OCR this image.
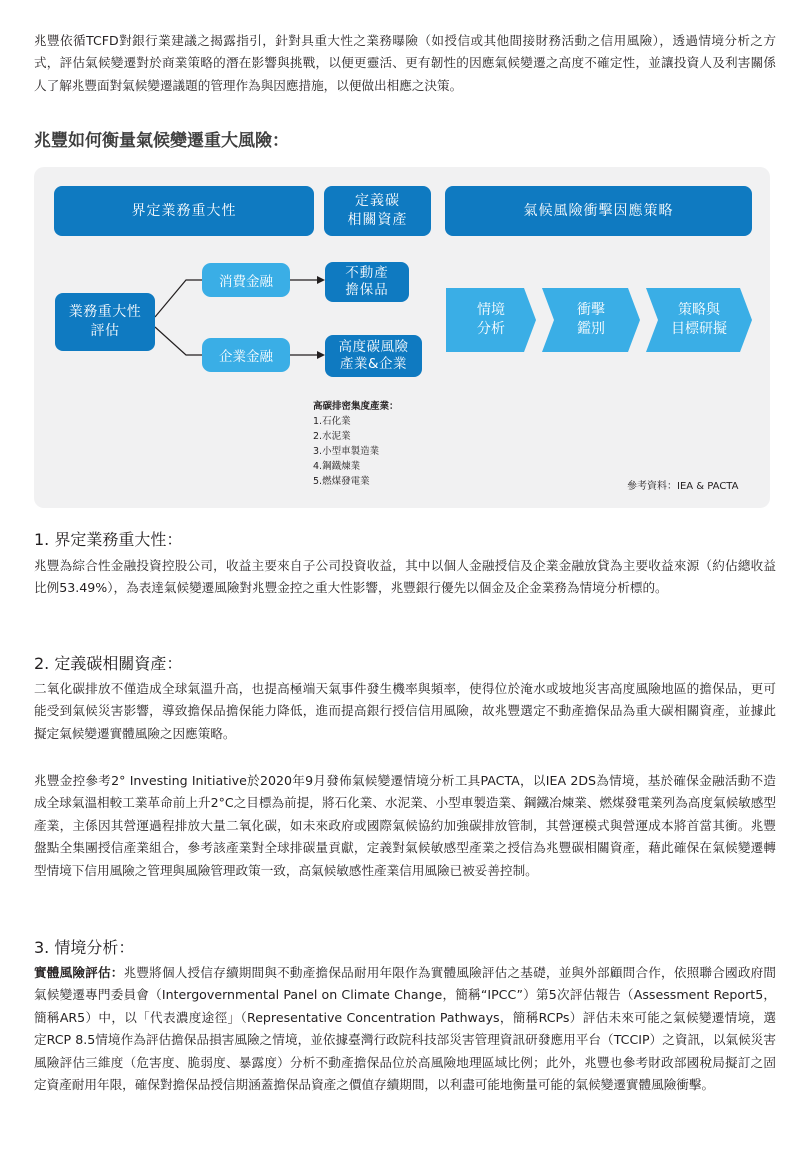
兆豐依循TCFD對銀行業建議之揭露指引，針對具重大性之業務曝險（如授信或其他間接財務活動之信用風險），透過情境分析之方式，評估氣候變遷對於商業策略的潛在影響與挑戰，以便更靈活、更有韌性的因應氣候變遷之高度不確定性，並讓投資人及利害關係人了解兆豐面對氣候變遷議題的管理作為與因應措施，以便做出相應之決策。

兆豐如何衡量氣候變遷重大風險：
界定業務重大性
定義碳
相關資產
氣候風險衝擊因應策略
業務重大性
評估
消費金融
企業金融
不動產
擔保品
高度碳風險
產業&企業
高碳排密集度產業：
1.石化業
2.水泥業
3.小型車製造業
4.鋼鐵煉業
5.燃煤發電業
情境
分析
衝擊
鑑別
策略與
目標研擬
參考資料：IEA & PACTA
1. 界定業務重大性：

兆豐為綜合性金融投資控股公司，收益主要來自子公司投資收益，其中以個人金融授信及企業金融放貸為主要收益來源（約佔總收益比例53.49%），為表達氣候變遷風險對兆豐金控之重大性影響，兆豐銀行優先以個金及企金業務為情境分析標的。

2. 定義碳相關資產：

二氧化碳排放不僅造成全球氣溫升高，也提高極端天氣事件發生機率與頻率，使得位於淹水或坡地災害高度風險地區的擔保品，更可能受到氣候災害影響，導致擔保品擔保能力降低，進而提高銀行授信信用風險，故兆豐選定不動產擔保品為重大碳相關資產，並據此擬定氣候變遷實體風險之因應策略。

兆豐金控參考2° Investing Initiative於2020年9月發佈氣候變遷情境分析工具PACTA，以IEA 2DS為情境，基於確保金融活動不造成全球氣溫相較工業革命前上升2°C之目標為前提，將石化業、水泥業、小型車製造業、鋼鐵冶煉業、燃煤發電業列為高度氣候敏感型產業，主係因其營運過程排放大量二氧化碳，如未來政府或國際氣候協約加強碳排放管制，其營運模式與營運成本將首當其衝。兆豐盤點全集團授信產業組合，參考該產業對全球排碳量貢獻，定義對氣候敏感型產業之授信為兆豐碳相關資產，藉此確保在氣候變遷轉型情境下信用風險之管理與風險管理政策一致，高氣候敏感性產業信用風險已被妥善控制。

3. 情境分析：

實體風險評估：兆豐將個人授信存續期間與不動產擔保品耐用年限作為實體風險評估之基礎，並與外部顧問合作，依照聯合國政府間氣候變遷專門委員會（Intergovernmental Panel on Climate Change，簡稱“IPCC”）第5次評估報告（Assessment Report5，簡稱AR5）中，以「代表濃度途徑」（Representative Concentration Pathways，簡稱RCPs）評估未來可能之氣候變遷情境，選定RCP 8.5情境作為評估擔保品損害風險之情境，並依據臺灣行政院科技部災害管理資訊研發應用平台（TCCIP）之資訊，以氣候災害風險評估三維度（危害度、脆弱度、暴露度）分析不動產擔保品位於高風險地理區域比例；此外，兆豐也參考財政部國稅局擬訂之固定資產耐用年限，確保對擔保品授信期涵蓋擔保品資產之價值存續期間，以利盡可能地衡量可能的氣候變遷實體風險衝擊。
